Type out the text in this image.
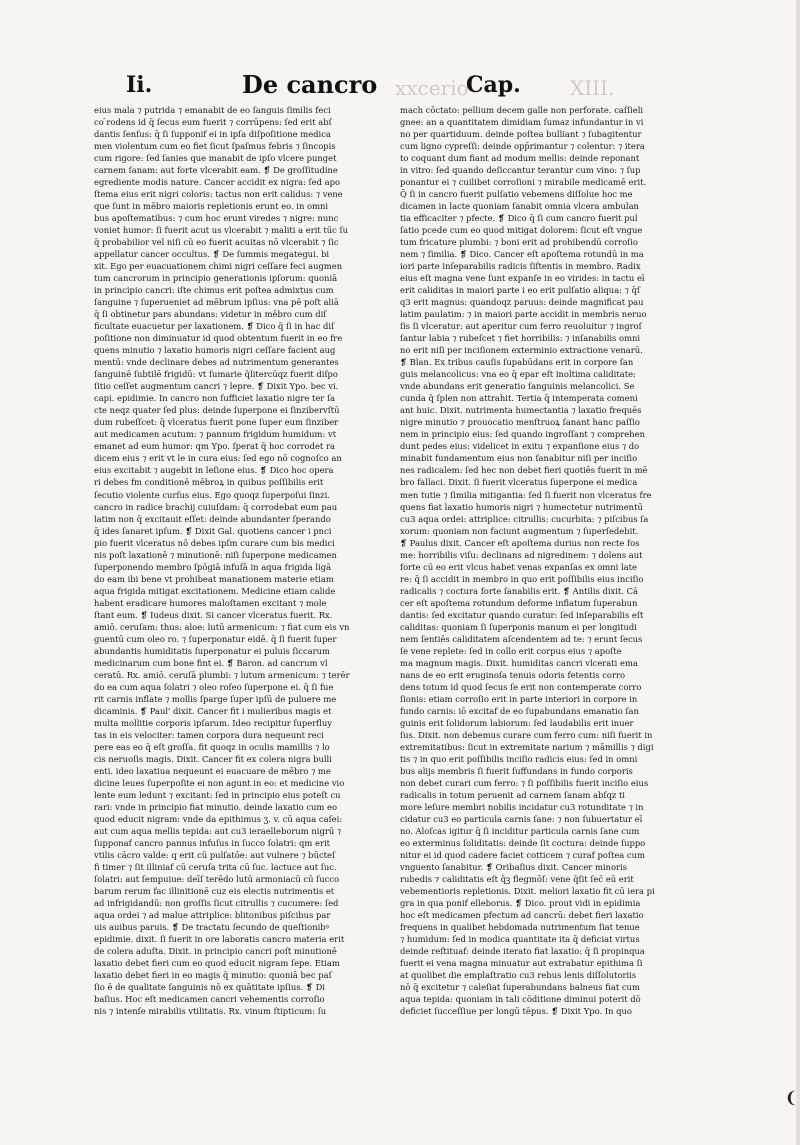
Ii.	De cancro xxcerio
Cap. XIII.
eius mala ⁊ putrida ⁊ emanabit de eo ſanguis ſimilis feci
co ̄rodens id q̄ ſecus eum fuerit ⁊ corrūpens: ſed erit abſ
dantis ſenſus: q̄ ſi ſupponif ei in ipſa diſpoſitione medica
men violentum cum eo fiet ſicut ſpaſmus febris ⁊ ſincopis
cum rigore: ſed ſanies que manabit de ipſo vlcere punget
carnem ſanam: aut forte vlcerabit eam. ❡ De groſſitudine
egrediente modis nature. Cancer accidit ex nigra: ſed apo
ſtema eius erit nigri coloris: tactus non erit calidus: ⁊ vene
que ſunt in mēbro maioris repletionis erunt eo. in omni
bus apoſtematibus: ⁊ cum hoc erunt viredes ⁊ nigre: nunc
voniet humor: ſi fuerit acut us vlcerabit ⁊ maliti a erit tūc ſu
q̄ probabilior vel niſi cū eo fuerit acuitas nō vlcerabit ⁊ ſic
appellatur cancer occultus. ❡ De ſummis megategui. bi
xit. Ego per euacuationem chimi nigri ceſſare feci augmen
tum cancrorum in principio generationis ipſorum: quoniā
in principio cancri: iſte chimus erit poſtea admixtus cum
ſanguine ⁊ ſuperueniet ad mēbrum ipſius: vna pē poſt aliā
q̄ ſi obtinetur pars abundans: videtur in mēbro cum diſ
ficultate euacuetur per laxationem. ❡ Dico q̄ ſi in hac diſ
poſitione non diminuatur id quod obtentum fuerit in eo fre
quens minutio ⁊ laxatio humoris nigri ceſſare facient aug
mentū: vnde declinare debes ad nutrimentum generantes
ſanguinē ſubtilē frigidū: vt ſumarie q̄litercūqz fuerit diſpo
ſitio ceſſet augmentum cancri ⁊ lepre. ❡ Dixit Ypo. bec vi.
capi. epidimie. In cancro non ſufficiet laxatio nigre ter ſa
cte neqz quater ſed plus: deinde ſuperpone ei ſinzibervſtū
dum rubeſſcet: q̄ vlceratus fuerit pone ſuper eum ſinziber
aut medicamen acutum: ⁊ pannum frigidum humidum: vt
emanet ad eum humor: qm Ypo. ſperat q̄ hoc corrodet ra
dicem eius ⁊ erit vt le in cura eius: ſed ego nō cognoſco an
eius excitabit ⁊ augebit in leſione eius. ❡ Dico hoc opera
ri debes fm conditionē mēbroꝝ in quibus poſſibilis erit
ſecutio violente curſus eius. Ego quoqz ſuperpoſui ſinzi.
cancro in radice brachij cuiuſdam: q̄ corrodebat eum pau
latim non q̄ excitauit eſſet: deinde abundanter ſperando
q̄ ides ſanaret ipſum. ❡ Dixit Gal. quotiens cancer i pnci
pio fuerit vlceratus nō debes ipſm curare cum bis medici
nis poſt laxationē ⁊ minutionē: niſi ſuperpone medicamen
ſuperponendo membro ſpōgiā infuſā in aqua frigida ligā
do eam ibi bene vt prohibeat manationem materie etiam
aqua frigida mitigat excitationem. Medicine etiam calide
habent eradicare humores maloſtamen excitant ⁊ mole
ſtant eum. ❡ Iudeus dixit. Si cancer vlceratus fuerit. Rx.
amiō. ceruſam: thus: aloe: lutū armenicum: ⁊ fiat cum eis vn
guentū cum oleo ro. ⁊ ſuperponatur eidē. q̄ ſi fuerit ſuper
abundantis humiditatis ſuperponatur ei puluis ſiccarum
medicinarum cum bone fint ei. ❡ Baron. ad cancrum vl
ceratū. Rx. amiō. ceruſā plumbi: ⁊ lutum armenicum: ⁊ terēr
do ea cum aqua ſolatri ⁊ oleo roſeo ſuperpone ei. q̄ ſi fue
rit carnis inflate ⁊ mollis ſparge ſuper ipſū de puluere me
dicaminis. ❡ Paul' dixit. Cancer fit i mulieribus magis et
multa mollitie corporis ipſarum. Ideo recipitur ſuperfluy
tas in eis velociter: tamen corpora dura nequeunt reci
pere eas eo q̄ eſt groſſa. fit quoqz in oculis mamillis ⁊ lo
cis neruoſis magis. Dixit. Cancer fit ex colera nigra bulli
enti. ideo laxatiua nequeunt ei euacuare de mēbro ⁊ me
dicine leues ſuperpoſite ei non agunt in eo: et medicine vio
lente eum ledunt ⁊ excitant: ſed in principio eius poteſt cu
rari: vnde in principio fiat minutio. deinde laxatio cum eo
quod educit nigram: vnde da epithimus ʒ. v. cū aqua caſei:
aut cum aqua mellis tepida: aut cu3 ieraelleborum nigrū ⁊
ſupponaf cancro pannus infuſus in ſucco ſolatri: qm erit
vtilis cācro valde: q erit cū pulſatōe: aut vulnere ⁊ būcteſ
fi timer ⁊ ſit illiniaf cū ceruſa trita cū ſuc. lactuce aut ſuc.
ſolatri: aut ſempuiue: deīſ terēdo lutū armoniacū cū ſucco
barum rerum fac illinitionē cuz eis electis nutrimentis et
ad infrigidandū: non groſſis ſicut citrullis ⁊ cucumere: ſed
aqua ordei ⁊ ad malue attriplice: blitonibus piſcibus par
uis auibus paruis. ❡ De tractatu ſecundo de queſtionibꝰ
epidimie. dixit. ſi fuerit in ore laboratis cancro materia erit
de colera aduſta. Dixit. in principio cancri poſt minutionē
laxatio debet fieri cum eo quod educit nigram ſepe. Etiam
laxatio debet fieri in eo magis q̄ minutio: quoniā bec paſ
ſio ē de qualitate ſanguinis nō ex quātitate ipſius. ❡ Di
baſius. Hoc eſt medicamen cancri vehementis corroſio
nis ⁊ intenſe mirabilis vtilitatis. Rx. vinum ſtipticum: ſu
mach cōctato: pellium decem galle non perforate. caſſieli
gnee: an a quantitatem dimidiam ſumaz infundantur in vi
no per quartiduum. deinde poſtea bulliant ⁊ ſubagitentur
cum ligno cypreſſi: deinde opp̄rimantur ⁊ colentur: ⁊ itera
to coquant dum fiant ad modum mellis: deinde reponant
in vitro: ſed quando deſiccantur terantur cum vino: ⁊ ſup
ponantur ei ⁊ cuilibet corroſioni ⁊ mirabile medicamē erit.
Q̄ ſi in cancro fuerit pulſatio vebemens diſſolue hoc me
dicamen in lacte quoniam ſanabit omnia vlcera ambulan
tia efficaciter ⁊ pfecte. ❡ Dico q̄ ſi cum cancro fuerit pul
ſatio pcede cum eo quod mitigat dolorem: ſicut eſt vngue
tum fricature plumbi: ⁊ boni erit ad prohibendū corroſio
nem ⁊ ſimilia. ❡ Dico. Cancer eſt apoſtema rotundū in ma
iori parte inſeparabilis radicis ſiſtentis in membro. Radix
eius eſt magna vene ſunt expanſe in eo virides: in tactu eī
erit caliditas in maiori parte i eo erit pulſatio aliqua: ⁊ q̄ſ
q3 erit magnus: quandoqz paruus: deinde magnificat pau
latim paulatim: ⁊ in maiori parte accidit in membris neruo
ſis ſi vlceratur: aut aperitur cum ferro reuoluitur ⁊ ingroſ
ſantur labia ⁊ rubeſcet ⁊ fiet horribilis: ⁊ inſanabilis omni
no erit niſi per inciſionem exterminio extractione venarū.
❡ Blan. Ex tribus cauſis ſupabūdans erit in corpore ſan
guis melancolicus: vna eo q̄ epar eſt inoltima caliditate:
vnde abundans erit generatio ſanguinis melancolici. Se
cunda q̄ ſplen non attrahit. Tertia q̄ intemperata comeni
ant huic. Dixit. nutrimenta humectantia ⁊ laxatio frequēs
nigre minutio ⁊ prouocatio menſtruoꝝ ſanant hanc paſſio
nem in principio eius: ſed quando ingroſſant ⁊ comprehen
dunt pedes eius: videlicet in exitu ⁊ expanſione eius ⁊ do
minabit fundamentum eius non ſanabitur niſi per inciſio
nes radicalem: ſed hec non debet fieri quotiēs fuerit in mē
bro fallaci. Dixit. ſi fuerit vlceratus ſuperpone ei medica
men tutie ⁊ ſimilia mitigantia: ſed ſi fuerit non vlceratus fre
quens fiat laxatio humoris nigri ⁊ humectetur nutrimentū
cu3 aqua ordei: attriplice: citrullis: cucurbita: ⁊ piſcibus ſa
xorum: quoniam non faciunt augmentum ⁊ ſuperſedebit.
❡ Paulus dixit. Cancer eſt apoſtema durius non recte fos
me: horribilis viſu: declinans ad nigredinem: ⁊ dolens aut
forte cū eo erit vlcus habet venas expanſas ex omni late
re: q̄ ſi accidit in membro in quo erit poſſibilis eius inciſio
radicalis ⁊ coctura forte ſanabilis erit. ❡ Antilis dixit. Cā
cer eſt apoſtema rotundum deforme inflatum ſuperabun
dantis: ſed excitatur quando curatur: ſed inſeparabilis eſt
caliditas: quoniam ſi ſuperponis manum ei per longitudi
nem ſentiēs caliditatem aſcendentem ad te: ⁊ erunt ſecus
ſe vene replete: ſed in collo erit corpus eius ⁊ apoſte
ma magnum magis. Dixit. humiditas cancri vlcerati ema
nans de eo erit eruginoſa tenuis odoris fetentis corro
dens totum id quod ſecus ſe erit non contemperate corro
ſionis: etiam corroſio erit in parte interiori in corpore in
fundo carnis: iō excitaf de eo ſupabundans emanatio ſan
guinis erit ſolidorum labiorum: ſed laudabilis erit inuer
ſus. Dixit. non debemus curare cum ferro cum: niſi fuerit in
extremitatibus: ſicut in extremitate narium ⁊ māmillis ⁊ digi
tis ⁊ in quo erit poſſibilis inciſio radicis eius: ſed in omni
bus alijs membris ſi fuerit ſuffundans in fundo corporis
non debet curari cum ferro: ⁊ ſi poſſibilis fuerit inciſio eius
radicalis in totum peruenit ad carnem ſanam abſqz ti
more leſure membri nobilis incidatur cu3 rotunditate ⁊ in
cidatur cu3 eo particula carnis ſane: ⁊ non ſubuertatur eī
no. Aloſcas igitur q̄ ſi inciditur particula carnis ſane cum
eo exterminus ſoliditatis: deinde ſit coctura: deinde ſuppo
nitur ei id quod cadere faciet cotticem ⁊ curaf poſtea cum
vnguento ſanabitur. ❡ Oribaſius dixit. Cancer minoris
rubedis ⁊ caliditatis eſt q̄ꝫ flegmōſ: vene q̄ſit ſec̄ eū erit
vebementioris repletionis. Dixit. meliori laxatio fit cū iera pi
gra in qua ponif elleborus. ❡ Dico. prout vidi in epidimia
hoc eſt medicamen pfectum ad cancrū: debet fieri laxatio
frequens in qualibet hebdomada nutrimentum ſiat tenue
⁊ humidum: ſed in modica quantitate ita q̄ deficiat virtus
deinde reſtituaf: deinde iterato fiat laxatio: q̄ ſi propinqua
fuerit ei vena magna minuatur aut extrabatur epithima ſi
at quolibet die emplaſtratio cu3 rebus lenis diſſolutoriis
nō q̄ excitetur ⁊ caleſiat ſuperabundans balneus fiat cum
aqua tepida: quoniam in tali cōditione diminui poterit dō
deficiet ſucceſſiue per longū tēpus. ❡ Dixit Ypo. In quo
❨
